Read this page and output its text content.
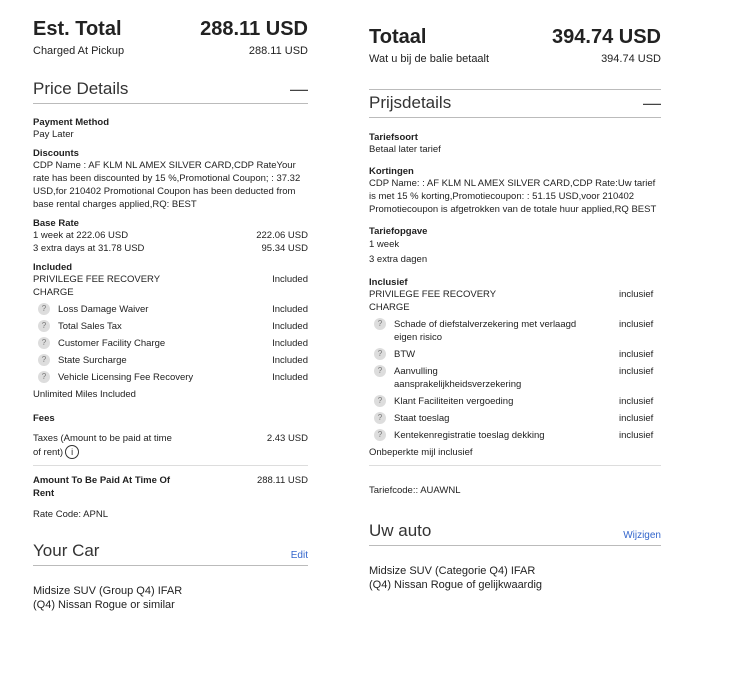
Est. Total	288.11 USD
Charged At Pickup	288.11 USD
Price Details	—
Payment Method
Pay Later
Discounts
CDP Name : AF KLM NL AMEX SILVER CARD,CDP RateYour rate has been discounted by 15 %,Promotional Coupon; : 37.32 USD,for 210402 Promotional Coupon has been deducted from base rental charges applied,RQ: BEST
Base Rate
1 week at 222.06 USD	222.06 USD
3 extra days at 31.78 USD	95.34 USD
Included
PRIVILEGE FEE RECOVERY CHARGE
Included
?	Loss Damage Waiver	Included
?	Total Sales Tax	Included
?	Customer Facility Charge	Included
?	State Surcharge	Included
?	Vehicle Licensing Fee Recovery	Included
Unlimited Miles Included
Fees
Taxes (Amount to be paid at time of rent) i
2.43 USD
Amount To Be Paid At Time Of Rent
288.11 USD
Rate Code: APNL
Your Car	Edit
Midsize SUV (Group Q4) IFAR
(Q4) Nissan Rogue or similar
Totaal	394.74 USD
Wat u bij de balie betaalt	394.74 USD
Prijsdetails	—
Tariefsoort
Betaal later tarief
Kortingen
CDP Name: : AF KLM NL AMEX SILVER CARD,CDP Rate:Uw tarief is met 15 % korting,Promotiecoupon: : 51.15 USD,voor 210402 Promotiecoupon is afgetrokken van de totale huur applied,RQ BEST
Tariefopgave
1 week
3 extra dagen
Inclusief
PRIVILEGE FEE RECOVERY CHARGE
inclusief
?	Schade of diefstalverzekering met verlaagd eigen risico
inclusief
?	BTW	inclusief
?	Aanvulling aansprakelijkheidsverzekering
inclusief
?	Klant Faciliteiten vergoeding	inclusief
?	Staat toeslag	inclusief
?	Kentekenregistratie toeslag dekking	inclusief
Onbeperkte mijl inclusief
Tariefcode:: AUAWNL
Uw auto	Wijzigen
Midsize SUV (Categorie Q4) IFAR
(Q4) Nissan Rogue of gelijkwaardig
